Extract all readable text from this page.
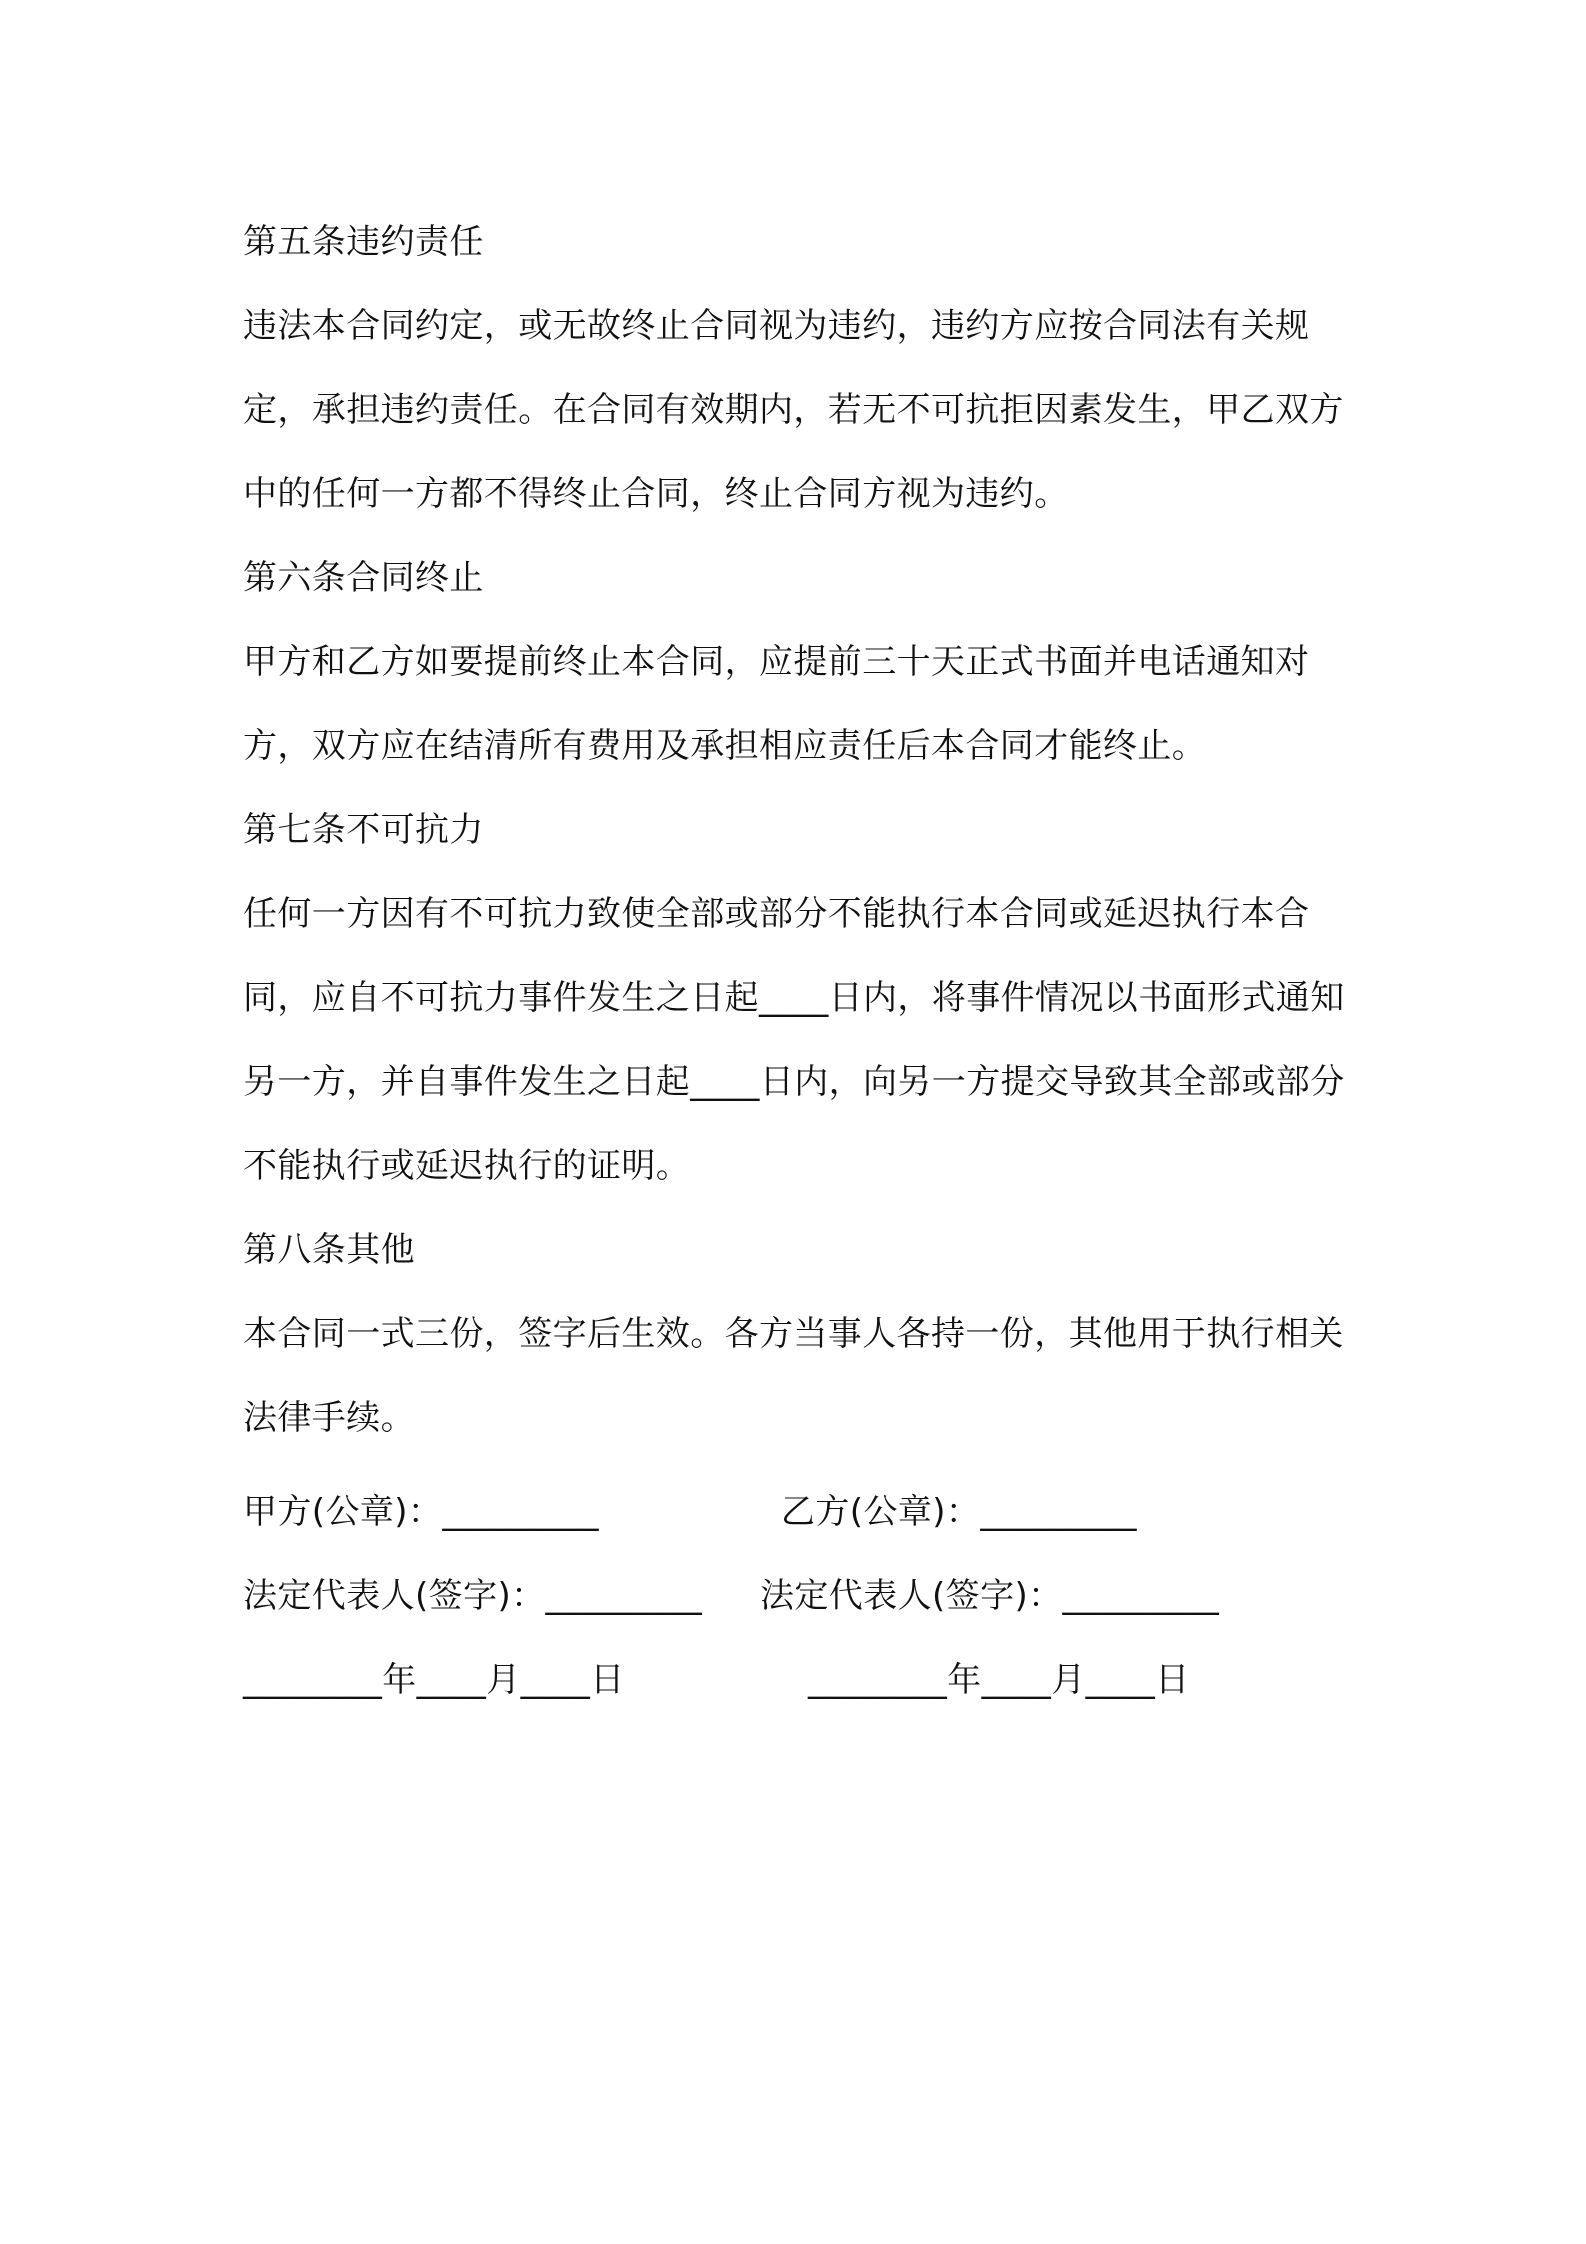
第五条违约责任

违法本合同约定，或无故终止合同视为违约，违约方应按合同法有关规定，承担违约责任。在合同有效期内，若无不可抗拒因素发生，甲乙双方中的任何一方都不得终止合同，终止合同方视为违约。

第六条合同终止

甲方和乙方如要提前终止本合同，应提前三十天正式书面并电话通知对方，双方应在结清所有费用及承担相应责任后本合同才能终止。

第七条不可抗力

任何一方因有不可抗力致使全部或部分不能执行本合同或延迟执行本合同，应自不可抗力事件发生之日起____日内，将事件情况以书面形式通知另一方，并自事件发生之日起____日内，向另一方提交导致其全部或部分不能执行或延迟执行的证明。

第八条其他

本合同一式三份，签字后生效。各方当事人各持一份，其他用于执行相关法律手续。

甲方(公章)：_________	乙方(公章)：_________
法定代表人(签字)：_________	法定代表人(签字)：_________
________年____月____日	________年____月____日
